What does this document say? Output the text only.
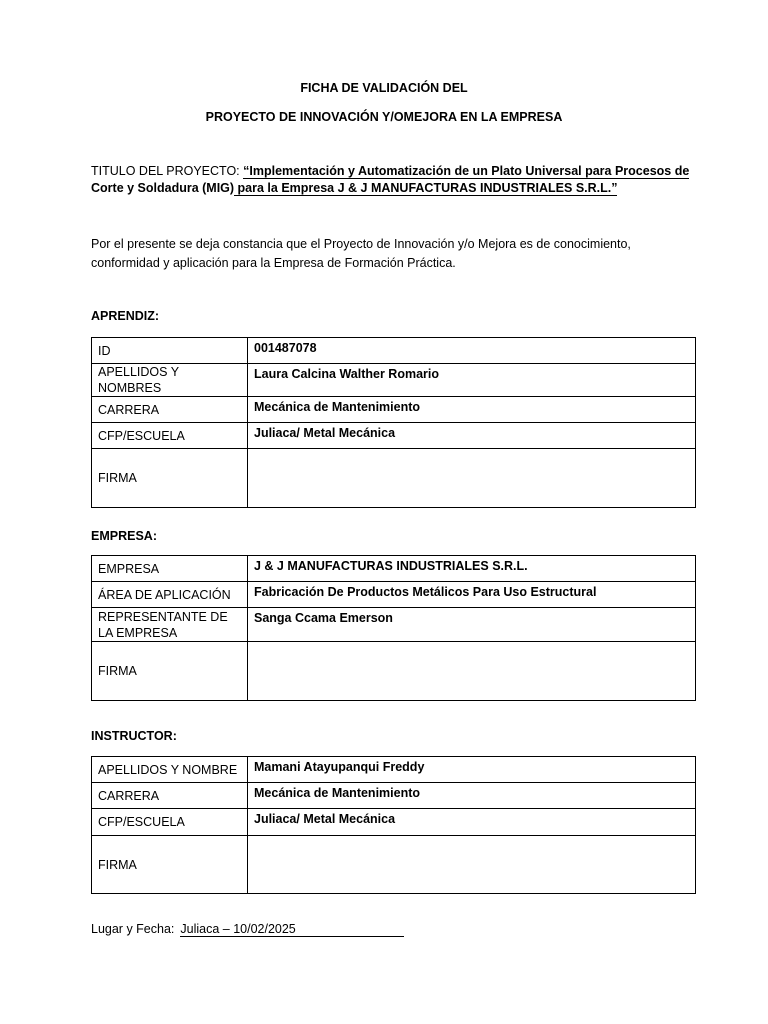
FICHA DE VALIDACIÓN DEL
PROYECTO DE INNOVACIÓN Y/OMEJORA EN LA EMPRESA
TITULO DEL PROYECTO: “Implementación y Automatización de un Plato Universal para Procesos de
Corte y Soldadura (MIG) para la Empresa J & J MANUFACTURAS INDUSTRIALES S.R.L.”
Por el presente se deja constancia que el Proyecto de Innovación y/o Mejora es de conocimiento, conformidad y aplicación para la Empresa de Formación Práctica.
APRENDIZ:
ID	001487078
APELLIDOS Y NOMBRES	Laura Calcina Walther Romario
CARRERA	Mecánica de Mantenimiento
CFP/ESCUELA	Juliaca/ Metal Mecánica
FIRMA	
EMPRESA:
EMPRESA	J & J MANUFACTURAS INDUSTRIALES S.R.L.
ÁREA DE APLICACIÓN	Fabricación De Productos Metálicos Para Uso Estructural
REPRESENTANTE DE LA EMPRESA	Sanga Ccama Emerson
FIRMA	
INSTRUCTOR:
APELLIDOS Y NOMBRE	Mamani Atayupanqui Freddy
CARRERA	Mecánica de Mantenimiento
CFP/ESCUELA	Juliaca/ Metal Mecánica
FIRMA	
Lugar y Fecha: Juliaca – 10/02/2025
